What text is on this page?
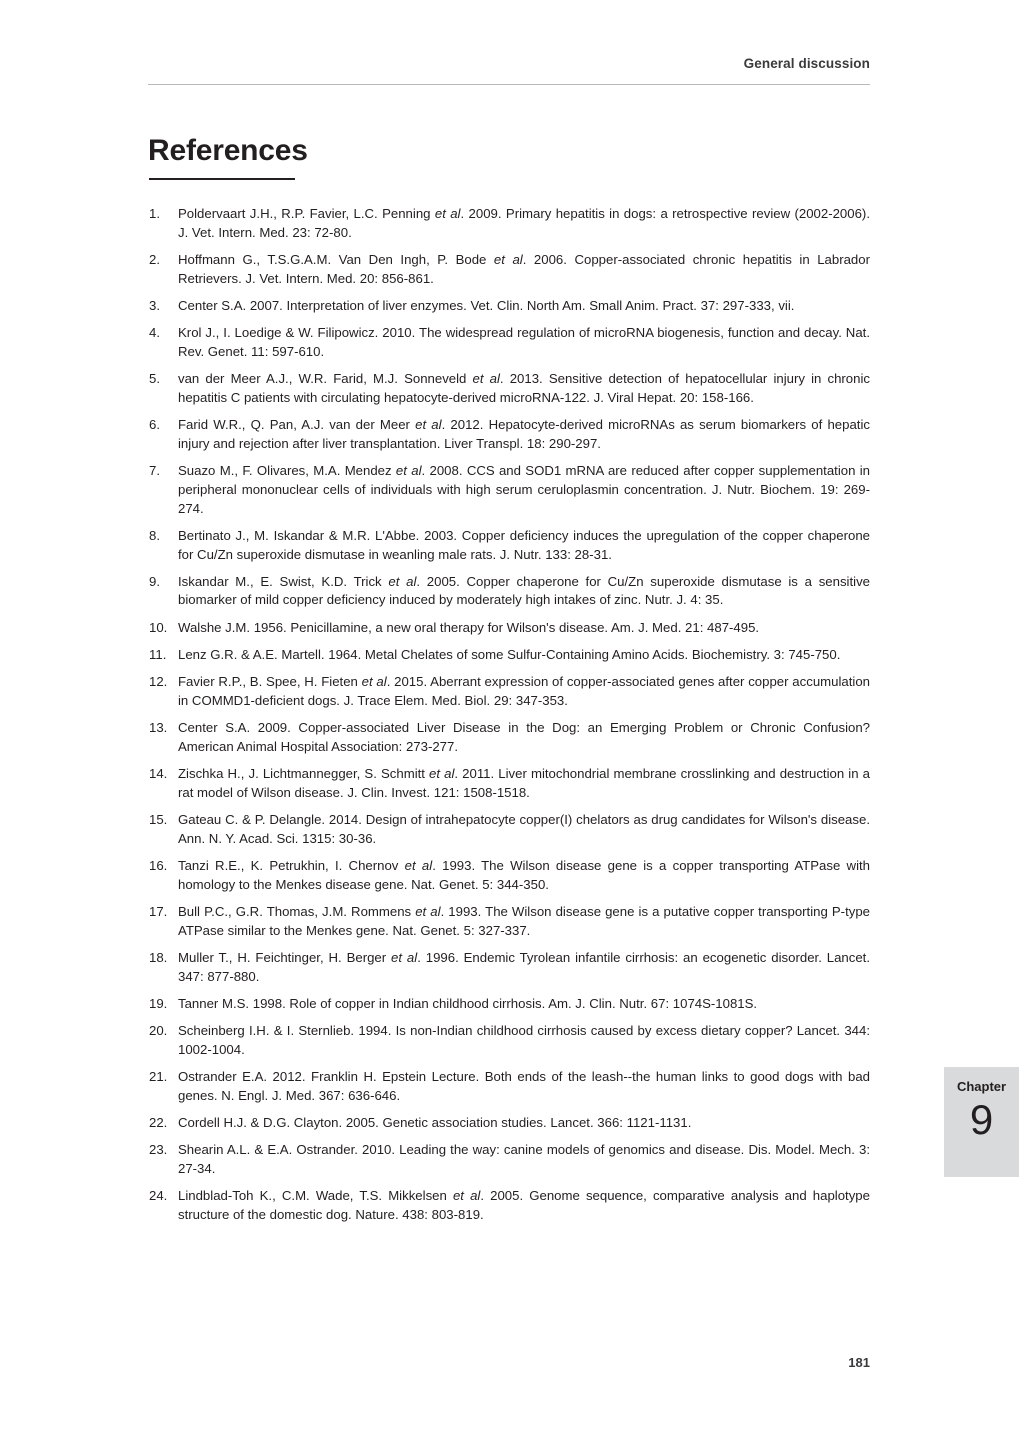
General discussion
References
1.	Poldervaart J.H., R.P. Favier, L.C. Penning et al. 2009. Primary hepatitis in dogs: a retrospective review (2002-2006). J. Vet. Intern. Med. 23: 72-80.
2.	Hoffmann G., T.S.G.A.M. Van Den Ingh, P. Bode et al. 2006. Copper-associated chronic hepatitis in Labrador Retrievers. J. Vet. Intern. Med. 20: 856-861.
3.	Center S.A. 2007. Interpretation of liver enzymes. Vet. Clin. North Am. Small Anim. Pract. 37: 297-333, vii.
4.	Krol J., I. Loedige & W. Filipowicz. 2010. The widespread regulation of microRNA biogenesis, function and decay. Nat. Rev. Genet. 11: 597-610.
5.	van der Meer A.J., W.R. Farid, M.J. Sonneveld et al. 2013. Sensitive detection of hepatocellular injury in chronic hepatitis C patients with circulating hepatocyte-derived microRNA-122. J. Viral Hepat. 20: 158-166.
6.	Farid W.R., Q. Pan, A.J. van der Meer et al. 2012. Hepatocyte-derived microRNAs as serum biomarkers of hepatic injury and rejection after liver transplantation. Liver Transpl. 18: 290-297.
7.	Suazo M., F. Olivares, M.A. Mendez et al. 2008. CCS and SOD1 mRNA are reduced after copper supplementation in peripheral mononuclear cells of individuals with high serum ceruloplasmin concentration. J. Nutr. Biochem. 19: 269-274.
8.	Bertinato J., M. Iskandar & M.R. L'Abbe. 2003. Copper deficiency induces the upregulation of the copper chaperone for Cu/Zn superoxide dismutase in weanling male rats. J. Nutr. 133: 28-31.
9.	Iskandar M., E. Swist, K.D. Trick et al. 2005. Copper chaperone for Cu/Zn superoxide dismutase is a sensitive biomarker of mild copper deficiency induced by moderately high intakes of zinc. Nutr. J. 4: 35.
10. Walshe J.M. 1956. Penicillamine, a new oral therapy for Wilson's disease. Am. J. Med. 21: 487-495.
11. Lenz G.R. & A.E. Martell. 1964. Metal Chelates of some Sulfur-Containing Amino Acids. Biochemistry. 3: 745-750.
12. Favier R.P., B. Spee, H. Fieten et al. 2015. Aberrant expression of copper-associated genes after copper accumulation in COMMD1-deficient dogs. J. Trace Elem. Med. Biol. 29: 347-353.
13. Center S.A. 2009. Copper-associated Liver Disease in the Dog: an Emerging Problem or Chronic Confusion? American Animal Hospital Association: 273-277.
14. Zischka H., J. Lichtmannegger, S. Schmitt et al. 2011. Liver mitochondrial membrane crosslinking and destruction in a rat model of Wilson disease. J. Clin. Invest. 121: 1508-1518.
15. Gateau C. & P. Delangle. 2014. Design of intrahepatocyte copper(I) chelators as drug candidates for Wilson's disease. Ann. N. Y. Acad. Sci. 1315: 30-36.
16. Tanzi R.E., K. Petrukhin, I. Chernov et al. 1993. The Wilson disease gene is a copper transporting ATPase with homology to the Menkes disease gene. Nat. Genet. 5: 344-350.
17. Bull P.C., G.R. Thomas, J.M. Rommens et al. 1993. The Wilson disease gene is a putative copper transporting P-type ATPase similar to the Menkes gene. Nat. Genet. 5: 327-337.
18. Muller T., H. Feichtinger, H. Berger et al. 1996. Endemic Tyrolean infantile cirrhosis: an ecogenetic disorder. Lancet. 347: 877-880.
19. Tanner M.S. 1998. Role of copper in Indian childhood cirrhosis. Am. J. Clin. Nutr. 67: 1074S-1081S.
20. Scheinberg I.H. & I. Sternlieb. 1994. Is non-Indian childhood cirrhosis caused by excess dietary copper? Lancet. 344: 1002-1004.
21. Ostrander E.A. 2012. Franklin H. Epstein Lecture. Both ends of the leash--the human links to good dogs with bad genes. N. Engl. J. Med. 367: 636-646.
22. Cordell H.J. & D.G. Clayton. 2005. Genetic association studies. Lancet. 366: 1121-1131.
23. Shearin A.L. & E.A. Ostrander. 2010. Leading the way: canine models of genomics and disease. Dis. Model. Mech. 3: 27-34.
24. Lindblad-Toh K., C.M. Wade, T.S. Mikkelsen et al. 2005. Genome sequence, comparative analysis and haplotype structure of the domestic dog. Nature. 438: 803-819.
Chapter
9
181
